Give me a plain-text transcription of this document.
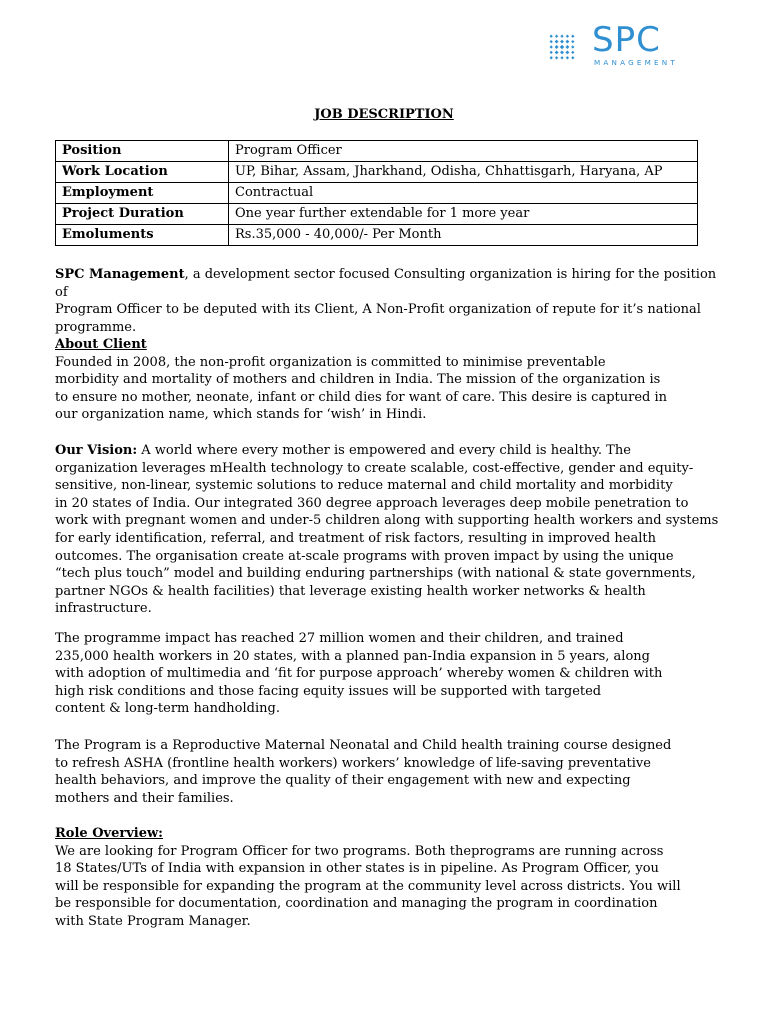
SPC
MANAGEMENT
JOB DESCRIPTION
Position	Program Officer
Work Location	UP, Bihar, Assam, Jharkhand, Odisha, Chhattisgarh, Haryana, AP
Employment	Contractual
Project Duration	One year further extendable for 1 more year
Emoluments	Rs.35,000 - 40,000/- Per Month

SPC Management, a development sector focused Consulting organization is hiring for the position of

Program Officer to be deputed with its Client, A Non-Profit organization of repute for it’s national

programme.

About Client

Founded in 2008, the non-profit organization is committed to minimise preventable

morbidity and mortality of mothers and children in India. The mission of the organization is

to ensure no mother, neonate, infant or child dies for want of care. This desire is captured in

our organization name, which stands for ‘wish’ in Hindi.

Our Vision: A world where every mother is empowered and every child is healthy. The

organization leverages mHealth technology to create scalable, cost-effective, gender and equity-

sensitive, non-linear, systemic solutions to reduce maternal and child mortality and morbidity

in 20 states of India. Our integrated 360 degree approach leverages deep mobile penetration to

work with pregnant women and under-5 children along with supporting health workers and systems

for early identification, referral, and treatment of risk factors, resulting in improved health

outcomes. The organisation create at-scale programs with proven impact by using the unique

“tech plus touch” model and building enduring partnerships (with national & state governments,

partner NGOs & health facilities) that leverage existing health worker networks & health

infrastructure.

The programme impact has reached 27 million women and their children, and trained

235,000 health workers in 20 states, with a planned pan-India expansion in 5 years, along

with adoption of multimedia and ‘fit for purpose approach’ whereby women & children with

high risk conditions and those facing equity issues will be supported with targeted

content & long-term handholding.

The Program is a Reproductive Maternal Neonatal and Child health training course designed

to refresh ASHA (frontline health workers) workers’ knowledge of life-saving preventative

health behaviors, and improve the quality of their engagement with new and expecting

mothers and their families.

Role Overview:

We are looking for Program Officer for two programs. Both theprograms are running across

18 States/UTs of India with expansion in other states is in pipeline. As Program Officer, you

will be responsible for expanding the program at the community level across districts. You will

be responsible for documentation, coordination and managing the program in coordination

with State Program Manager.
